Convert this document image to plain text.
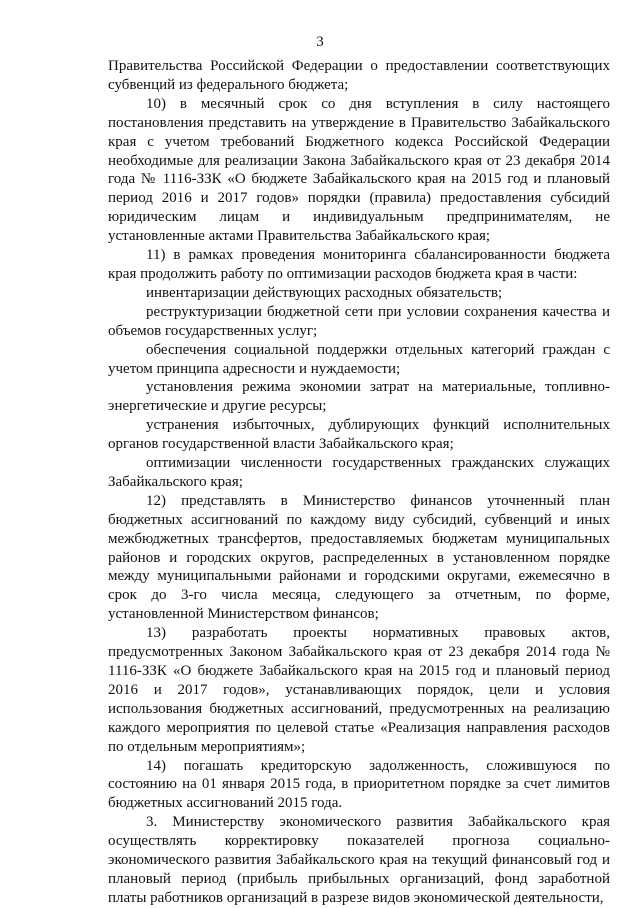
3

Правительства Российской Федерации о предоставлении соответствующих субвенций из федерального бюджета;

10) в месячный срок со дня вступления в силу настоящего постановления представить на утверждение в Правительство Забайкальского края с учетом требований Бюджетного кодекса Российской Федерации необходимые для реализации Закона Забайкальского края от 23 декабря 2014 года № 1116-ЗЗК «О бюджете Забайкальского края на 2015 год и плановый период 2016 и 2017 годов» порядки (правила) предоставления субсидий юридическим лицам и индивидуальным предпринимателям, не установленные актами Правительства Забайкальского края;

11) в рамках проведения мониторинга сбалансированности бюджета края продолжить работу по оптимизации расходов бюджета края в части:

инвентаризации действующих расходных обязательств;

реструктуризации бюджетной сети при условии сохранения качества и объемов государственных услуг;

обеспечения социальной поддержки отдельных категорий граждан с учетом принципа адресности и нуждаемости;

установления режима экономии затрат на материальные, топливно-энергетические и другие ресурсы;

устранения избыточных, дублирующих функций исполнительных органов государственной власти Забайкальского края;

оптимизации численности государственных гражданских служащих Забайкальского края;

12) представлять в Министерство финансов уточненный план бюджетных ассигнований по каждому виду субсидий, субвенций и иных межбюджетных трансфертов, предоставляемых бюджетам муниципальных районов и городских округов, распределенных в установленном порядке между муниципальными районами и городскими округами, ежемесячно в срок до 3-го числа месяца, следующего за отчетным, по форме, установленной Министерством финансов;

13) разработать проекты нормативных правовых актов, предусмотренных Законом Забайкальского края от 23 декабря 2014 года № 1116-ЗЗК «О бюджете Забайкальского края на 2015 год и плановый период 2016 и 2017 годов», устанавливающих порядок, цели и условия использования бюджетных ассигнований, предусмотренных на реализацию каждого мероприятия по целевой статье «Реализация направления расходов по отдельным мероприятиям»;

14) погашать кредиторскую задолженность, сложившуюся по состоянию на 01 января 2015 года, в приоритетном порядке за счет лимитов бюджетных ассигнований 2015 года.

3. Министерству экономического развития Забайкальского края осуществлять корректировку показателей прогноза социально-экономического развития Забайкальского края на текущий финансовый год и плановый период (прибыль прибыльных организаций, фонд заработной платы работников организаций в разрезе видов экономической деятельности,
